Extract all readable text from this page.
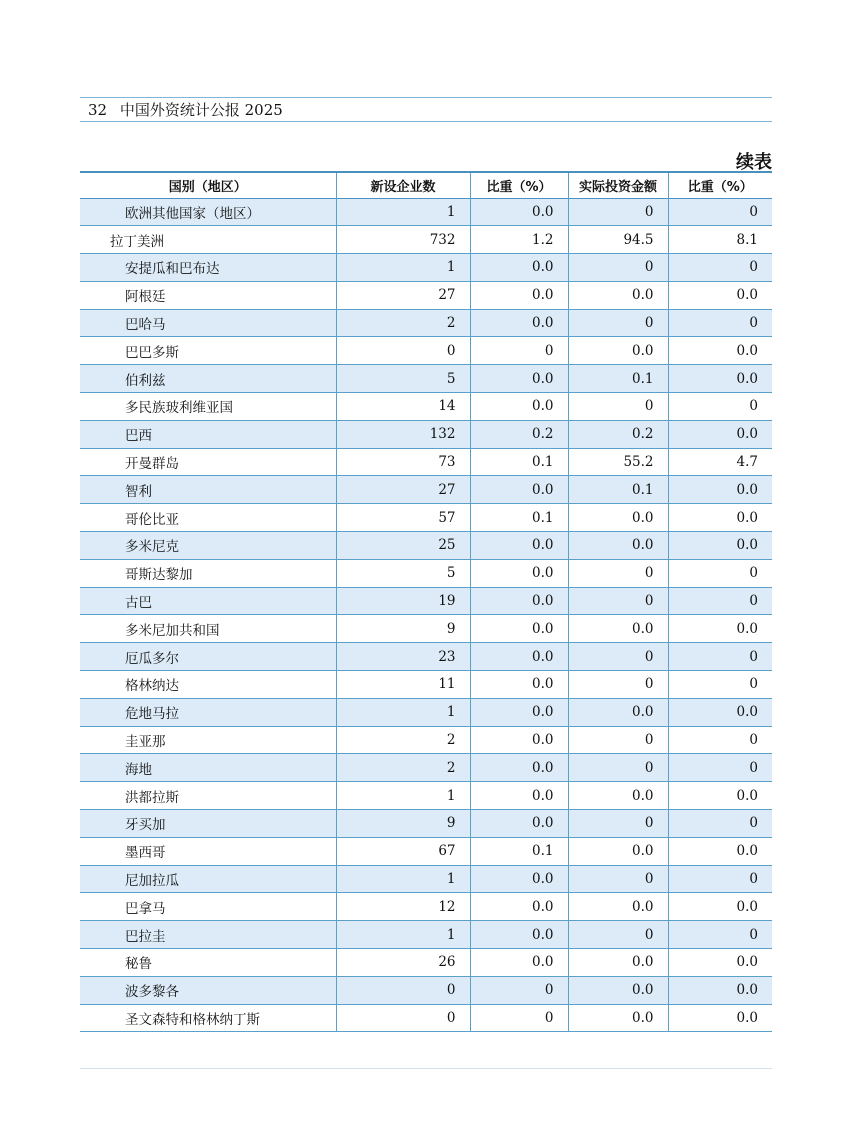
32 中国外资统计公报 2025
续表
国别（地区）	新设企业数	比重（%）	实际投资金额	比重（%）
欧洲其他国家（地区）	1	0.0	0	0
拉丁美洲	732	1.2	94.5	8.1
安提瓜和巴布达	1	0.0	0	0
阿根廷	27	0.0	0.0	0.0
巴哈马	2	0.0	0	0
巴巴多斯	0	0	0.0	0.0
伯利兹	5	0.0	0.1	0.0
多民族玻利维亚国	14	0.0	0	0
巴西	132	0.2	0.2	0.0
开曼群岛	73	0.1	55.2	4.7
智利	27	0.0	0.1	0.0
哥伦比亚	57	0.1	0.0	0.0
多米尼克	25	0.0	0.0	0.0
哥斯达黎加	5	0.0	0	0
古巴	19	0.0	0	0
多米尼加共和国	9	0.0	0.0	0.0
厄瓜多尔	23	0.0	0	0
格林纳达	11	0.0	0	0
危地马拉	1	0.0	0.0	0.0
圭亚那	2	0.0	0	0
海地	2	0.0	0	0
洪都拉斯	1	0.0	0.0	0.0
牙买加	9	0.0	0	0
墨西哥	67	0.1	0.0	0.0
尼加拉瓜	1	0.0	0	0
巴拿马	12	0.0	0.0	0.0
巴拉圭	1	0.0	0	0
秘鲁	26	0.0	0.0	0.0
波多黎各	0	0	0.0	0.0
圣文森特和格林纳丁斯	0	0	0.0	0.0
